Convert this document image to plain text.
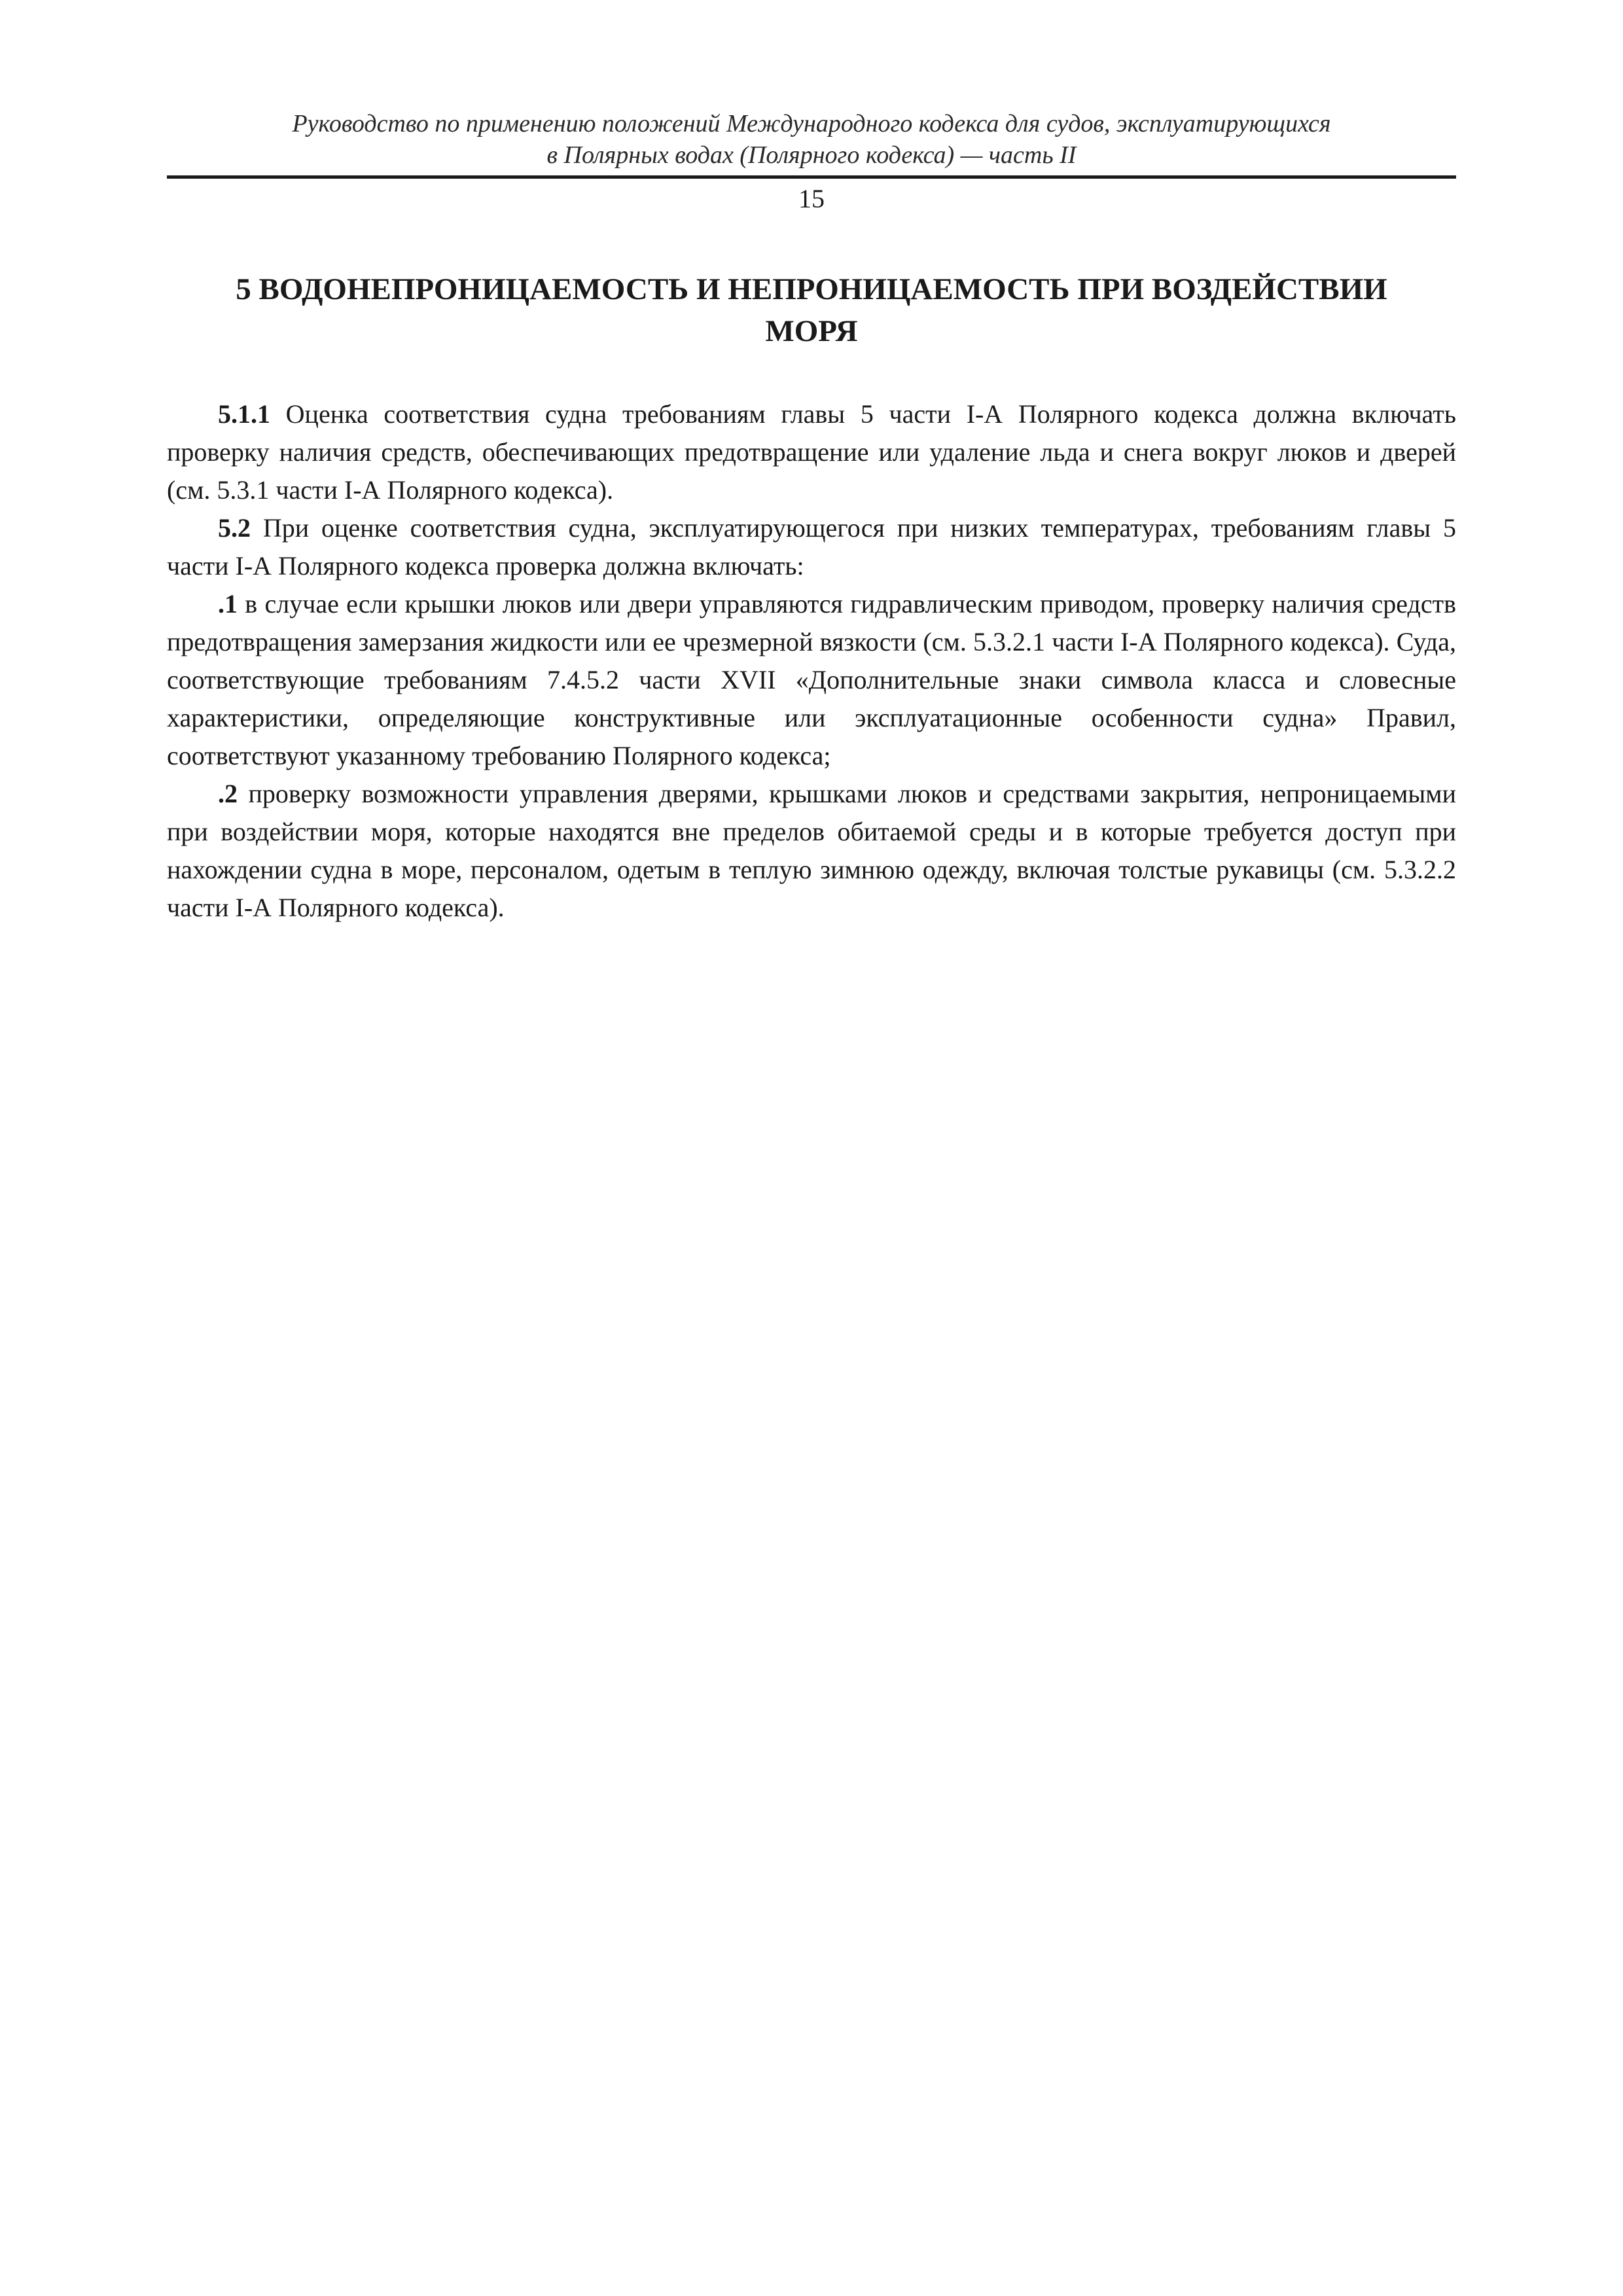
Руководство по применению положений Международного кодекса для судов, эксплуатирующихся
в Полярных водах (Полярного кодекса) — часть II
15
5 ВОДОНЕПРОНИЦАЕМОСТЬ И НЕПРОНИЦАЕМОСТЬ ПРИ ВОЗДЕЙСТВИИ
МОРЯ

5.1.1 Оценка соответствия судна требованиям главы 5 части I-А Полярного кодекса должна включать проверку наличия средств, обеспечивающих предотвращение или удаление льда и снега вокруг люков и дверей (см. 5.3.1 части I-А Полярного кодекса).

5.2 При оценке соответствия судна, эксплуатирующегося при низких температурах, требованиям главы 5 части I-А Полярного кодекса проверка должна включать:

.1 в случае если крышки люков или двери управляются гидравлическим приводом, проверку наличия средств предотвращения замерзания жидкости или ее чрезмерной вязкости (см. 5.3.2.1 части I-А Полярного кодекса). Суда, соответствующие требованиям 7.4.5.2 части XVII «Дополнительные знаки символа класса и словесные характеристики, определяющие конструктивные или эксплуатационные особенности судна» Правил, соответствуют указанному требованию Полярного кодекса;

.2 проверку возможности управления дверями, крышками люков и средствами закрытия, непроницаемыми при воздействии моря, которые находятся вне пределов обитаемой среды и в которые требуется доступ при нахождении судна в море, персоналом, одетым в теплую зимнюю одежду, включая толстые рукавицы (см. 5.3.2.2 части I-А Полярного кодекса).
